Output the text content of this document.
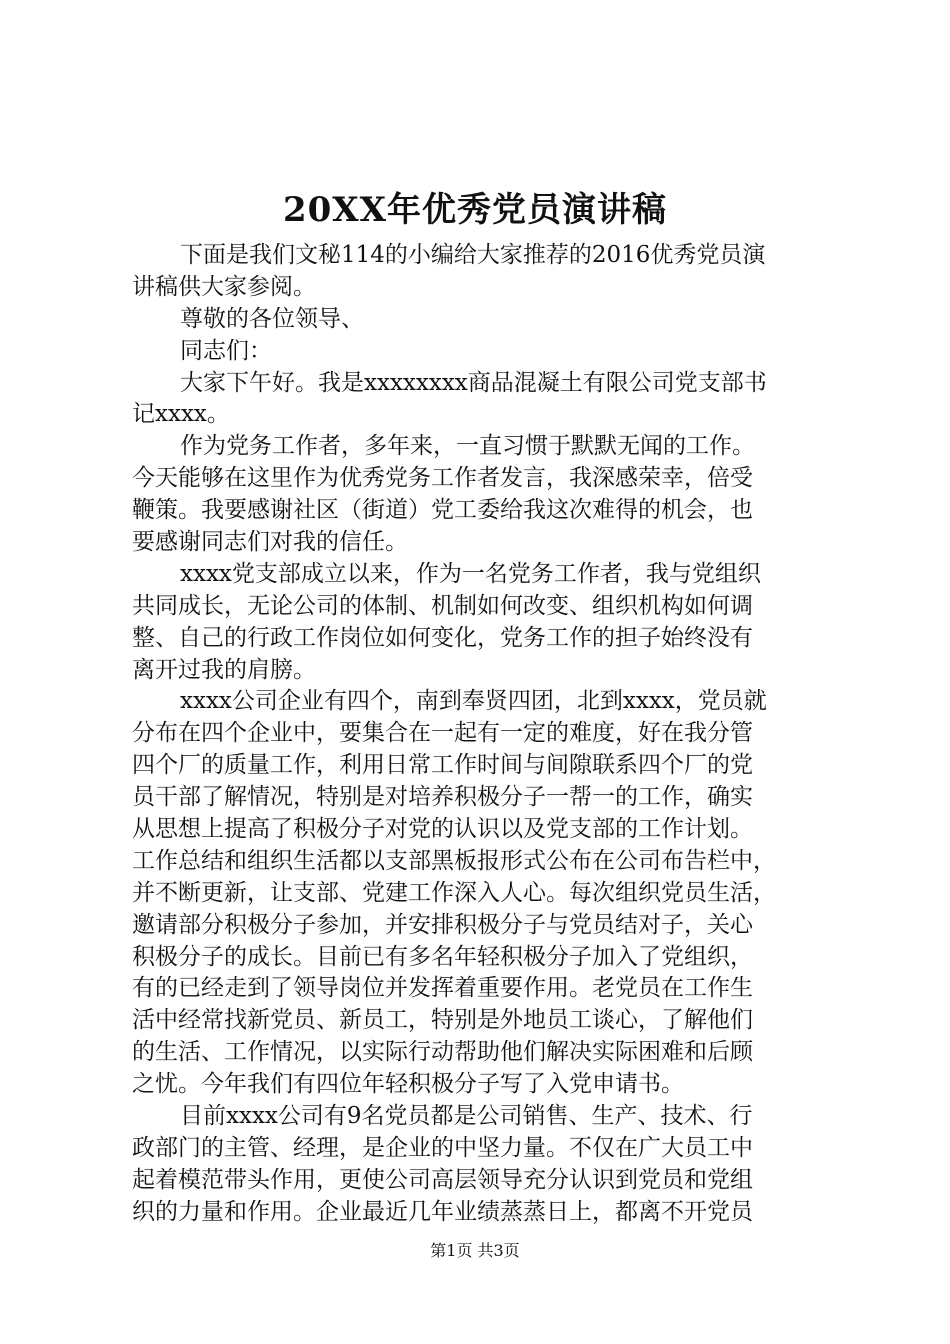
20XX年优秀党员演讲稿
下面是我们文秘114的小编给大家推荐的2016优秀党员演
讲稿供大家参阅。
尊敬的各位领导、
同志们：
大家下午好。我是xxxxxxxx商品混凝土有限公司党支部书
记xxxx。
作为党务工作者，多年来，一直习惯于默默无闻的工作。
今天能够在这里作为优秀党务工作者发言，我深感荣幸，倍受
鞭策。我要感谢社区（街道）党工委给我这次难得的机会，也
要感谢同志们对我的信任。
xxxx党支部成立以来，作为一名党务工作者，我与党组织
共同成长，无论公司的体制、机制如何改变、组织机构如何调
整、自己的行政工作岗位如何变化，党务工作的担子始终没有
离开过我的肩膀。
xxxx公司企业有四个，南到奉贤四团，北到xxxx，党员就
分布在四个企业中，要集合在一起有一定的难度，好在我分管
四个厂的质量工作，利用日常工作时间与间隙联系四个厂的党
员干部了解情况，特别是对培养积极分子一帮一的工作，确实
从思想上提高了积极分子对党的认识以及党支部的工作计划。
工作总结和组织生活都以支部黑板报形式公布在公司布告栏中，
并不断更新，让支部、党建工作深入人心。每次组织党员生活，
邀请部分积极分子参加，并安排积极分子与党员结对子，关心
积极分子的成长。目前已有多名年轻积极分子加入了党组织，
有的已经走到了领导岗位并发挥着重要作用。老党员在工作生
活中经常找新党员、新员工，特别是外地员工谈心，了解他们
的生活、工作情况，以实际行动帮助他们解决实际困难和后顾
之忧。今年我们有四位年轻积极分子写了入党申请书。
目前xxxx公司有9名党员都是公司销售、生产、技术、行
政部门的主管、经理，是企业的中坚力量。不仅在广大员工中
起着模范带头作用，更使公司高层领导充分认识到党员和党组
织的力量和作用。企业最近几年业绩蒸蒸日上，都离不开党员
第1页 共3页
